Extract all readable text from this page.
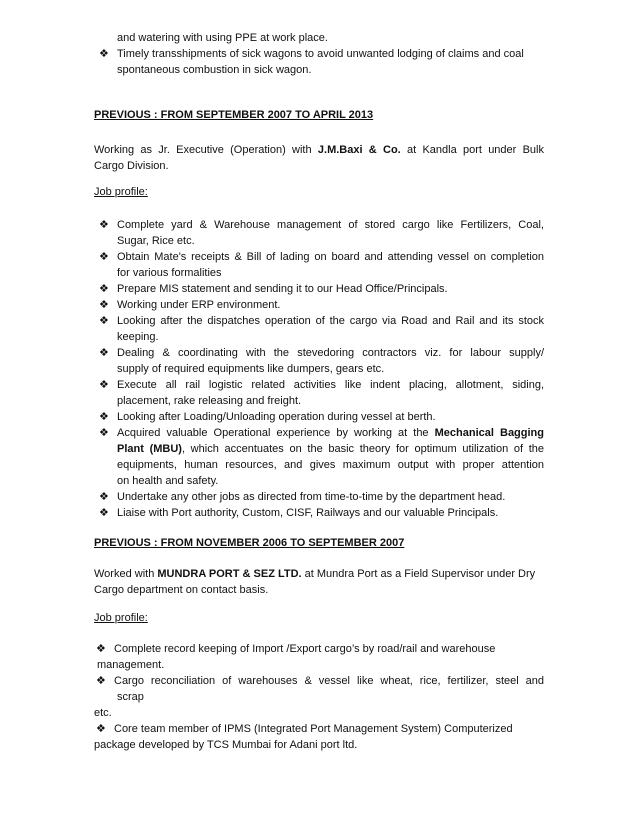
and watering with using PPE at work place.
❖ Timely transshipments of sick wagons to avoid unwanted lodging of claims and coal
spontaneous combustion in sick wagon.
PREVIOUS : FROM SEPTEMBER 2007 TO APRIL 2013
Working as Jr. Executive (Operation) with J.M.Baxi & Co. at Kandla port under Bulk
Cargo Division.
Job profile:
❖ Complete yard & Warehouse management of stored cargo like Fertilizers, Coal,
Sugar, Rice etc.
❖ Obtain Mate's receipts & Bill of lading on board and attending vessel on completion
for various formalities
❖ Prepare MIS statement and sending it to our Head Office/Principals.
❖ Working under ERP environment.
❖ Looking after the dispatches operation of the cargo via Road and Rail and its stock
keeping.
❖ Dealing & coordinating with the stevedoring contractors viz. for labour supply/
supply of required equipments like dumpers, gears etc.
❖ Execute all rail logistic related activities like indent placing, allotment, siding,
placement, rake releasing and freight.
❖ Looking after Loading/Unloading operation during vessel at berth.
❖ Acquired valuable Operational experience by working at the Mechanical Bagging
Plant (MBU), which accentuates on the basic theory for optimum utilization of the
equipments, human resources, and gives maximum output with proper attention
on health and safety.
❖ Undertake any other jobs as directed from time-to-time by the department head.
❖ Liaise with Port authority, Custom, CISF, Railways and our valuable Principals.
PREVIOUS : FROM NOVEMBER 2006 TO SEPTEMBER 2007
Worked with MUNDRA PORT & SEZ LTD. at Mundra Port as a Field Supervisor under Dry
Cargo department on contact basis.
Job profile:
❖ Complete record keeping of Import /Export cargo’s by road/rail and warehouse
management.
❖ Cargo reconciliation of warehouses & vessel like wheat, rice, fertilizer, steel and
scrap
etc.
❖ Core team member of IPMS (Integrated Port Management System) Computerized
package developed by TCS Mumbai for Adani port ltd.
